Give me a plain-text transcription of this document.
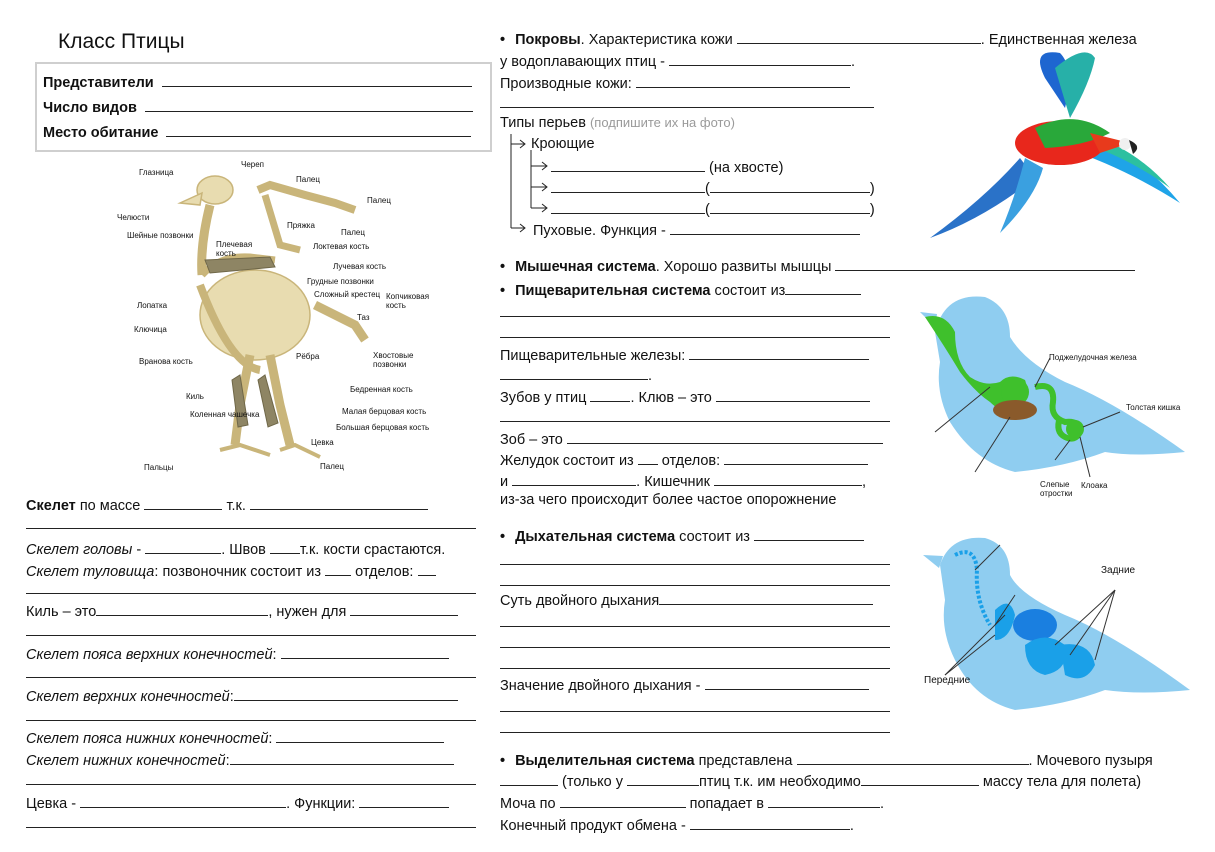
Класс Птицы
Представители
Число видов
Место обитание
Глазница
Череп
Палец
Палец
Челюсти
Пряжка
Палец
Шейные позвонки
Плечевая кость
Локтевая кость
Лучевая кость
Грудные позвонки
Сложный крестец
Лопатка
Копчиковая кость
Таз
Ключица
Рёбра	Хвостовые позвонки
Вранова кость
Бедренная кость
Киль
Малая берцовая кость
Коленная чашечка
Большая берцовая кость
Цевка
Пальцы	Палец
Скелет по массе	т.к.
Скелет головы -	. Швов т.к. кости срастаются.
Скелет туловища: позвоночник состоит из отделов:
Киль – это	, нужен для
Скелет пояса верхних конечностей:
Скелет верхних конечностей:
Скелет пояса нижних конечностей:
Скелет нижних конечностей:
Цевка -	. Функции:
• Покровы. Характеристика кожи	. Единственная железа
у водоплавающих птиц -	.
Производные кожи:
Типы перьев (подпишите их на фото)
Кроющие
(на хвосте)
(	)
(	)
Пуховые. Функция -
• Мышечная система. Хорошо развиты мышцы
• Пищеварительная система состоит из
Пищеварительные железы:
.
Зубов у птиц	. Клюв – это
Зоб – это
Желудок состоит из отделов:
и	. Кишечник	,
из-за чего происходит более частое опорожнение
Поджелудочная железа
Толстая кишка
Слепые отростки
Клоака
• Дыхательная система состоит из
Суть двойного дыхания
Значение двойного дыхания -
Задние
Передние
• Выделительная система представлена	. Мочевого пузыря
(только у	птиц т.к. им необходимо	массу тела для полета)
Моча по	попадает в	.
Конечный продукт обмена -	.
